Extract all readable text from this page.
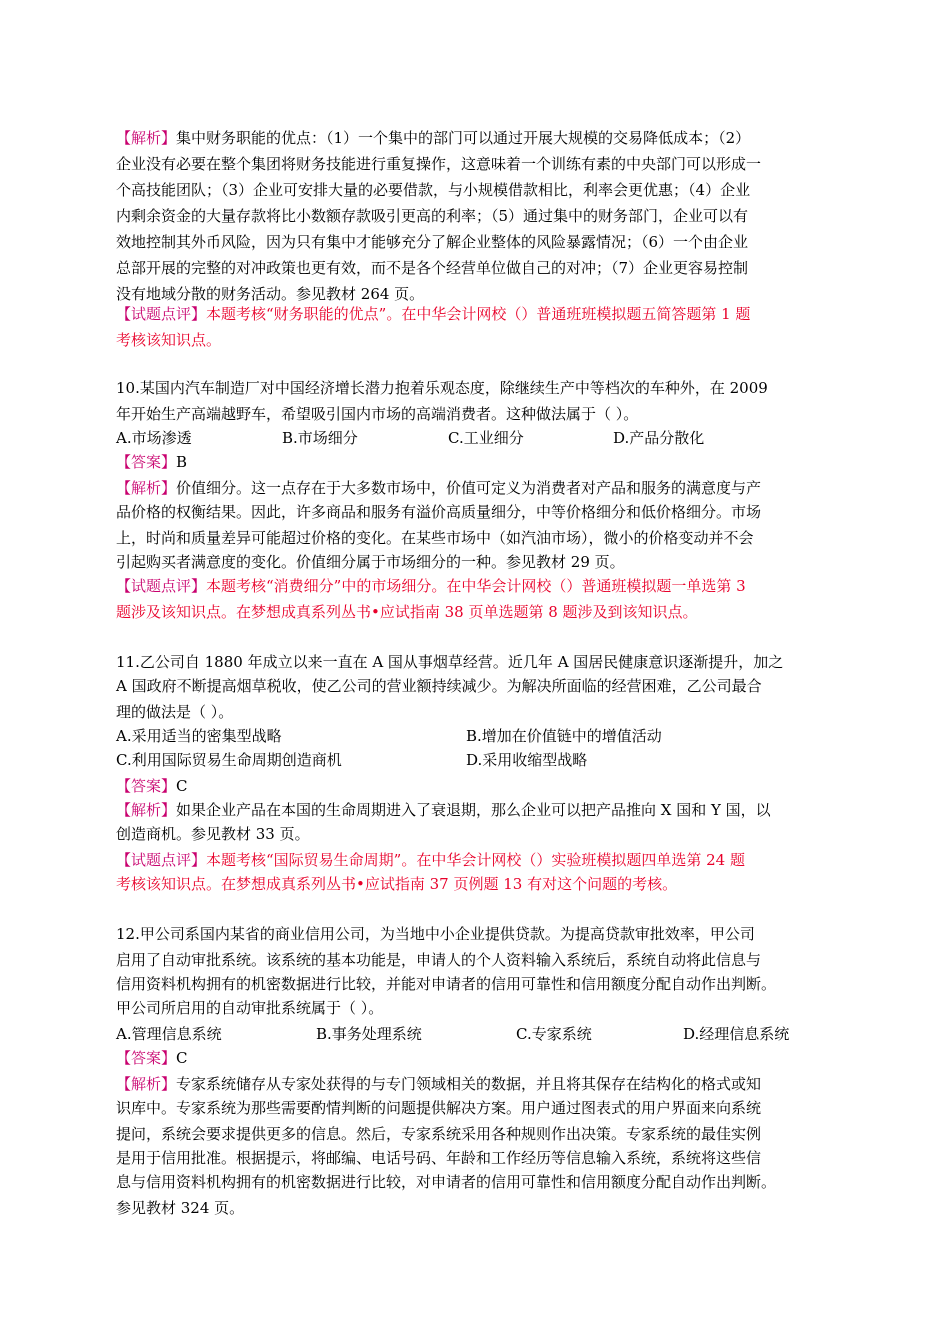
【解析】集中财务职能的优点：（1）一个集中的部门可以通过开展大规模的交易降低成本；（2）
企业没有必要在整个集团将财务技能进行重复操作，这意味着一个训练有素的中央部门可以形成一
个高技能团队；（3）企业可安排大量的必要借款，与小规模借款相比，利率会更优惠；（4）企业
内剩余资金的大量存款将比小数额存款吸引更高的利率；（5）通过集中的财务部门，企业可以有
效地控制其外币风险，因为只有集中才能够充分了解企业整体的风险暴露情况；（6）一个由企业
总部开展的完整的对冲政策也更有效，而不是各个经营单位做自己的对冲；（7）企业更容易控制
没有地域分散的财务活动。参见教材 264 页。
【试题点评】本题考核“财务职能的优点”。在中华会计网校（）普通班班模拟题五简答题第 1 题
考核该知识点。
10.某国内汽车制造厂对中国经济增长潜力抱着乐观态度，除继续生产中等档次的车种外，在 2009
年开始生产高端越野车，希望吸引国内市场的高端消费者。这种做法属于（ ）。
A.市场渗透	B.市场细分	C.工业细分	D.产品分散化
【答案】B
【解析】价值细分。这一点存在于大多数市场中，价值可定义为消费者对产品和服务的满意度与产
品价格的权衡结果。因此，许多商品和服务有溢价高质量细分，中等价格细分和低价格细分。市场
上，时尚和质量差异可能超过价格的变化。在某些市场中（如汽油市场），微小的价格变动并不会
引起购买者满意度的变化。价值细分属于市场细分的一种。参见教材 29 页。
【试题点评】本题考核“消费细分”中的市场细分。在中华会计网校（）普通班模拟题一单选第 3
题涉及该知识点。在梦想成真系列丛书•应试指南 38 页单选题第 8 题涉及到该知识点。
11.乙公司自 1880 年成立以来一直在 A 国从事烟草经营。近几年 A 国居民健康意识逐渐提升，加之
A 国政府不断提高烟草税收，使乙公司的营业额持续减少。为解决所面临的经营困难，乙公司最合
理的做法是（ ）。
A.采用适当的密集型战略	B.增加在价值链中的增值活动
C.利用国际贸易生命周期创造商机	D.采用收缩型战略
【答案】C
【解析】如果企业产品在本国的生命周期进入了衰退期，那么企业可以把产品推向 X 国和 Y 国，以
创造商机。参见教材 33 页。
【试题点评】本题考核“国际贸易生命周期”。在中华会计网校（）实验班模拟题四单选第 24 题
考核该知识点。在梦想成真系列丛书•应试指南 37 页例题 13 有对这个问题的考核。
12.甲公司系国内某省的商业信用公司，为当地中小企业提供贷款。为提高贷款审批效率，甲公司
启用了自动审批系统。该系统的基本功能是，申请人的个人资料输入系统后，系统自动将此信息与
信用资料机构拥有的机密数据进行比较，并能对申请者的信用可靠性和信用额度分配自动作出判断。
甲公司所启用的自动审批系统属于（ ）。
A.管理信息系统	B.事务处理系统	C.专家系统	D.经理信息系统
【答案】C
【解析】专家系统储存从专家处获得的与专门领域相关的数据，并且将其保存在结构化的格式或知
识库中。专家系统为那些需要酌情判断的问题提供解决方案。用户通过图表式的用户界面来向系统
提问，系统会要求提供更多的信息。然后，专家系统采用各种规则作出决策。专家系统的最佳实例
是用于信用批准。根据提示，将邮编、电话号码、年龄和工作经历等信息输入系统，系统将这些信
息与信用资料机构拥有的机密数据进行比较，对申请者的信用可靠性和信用额度分配自动作出判断。
参见教材 324 页。
